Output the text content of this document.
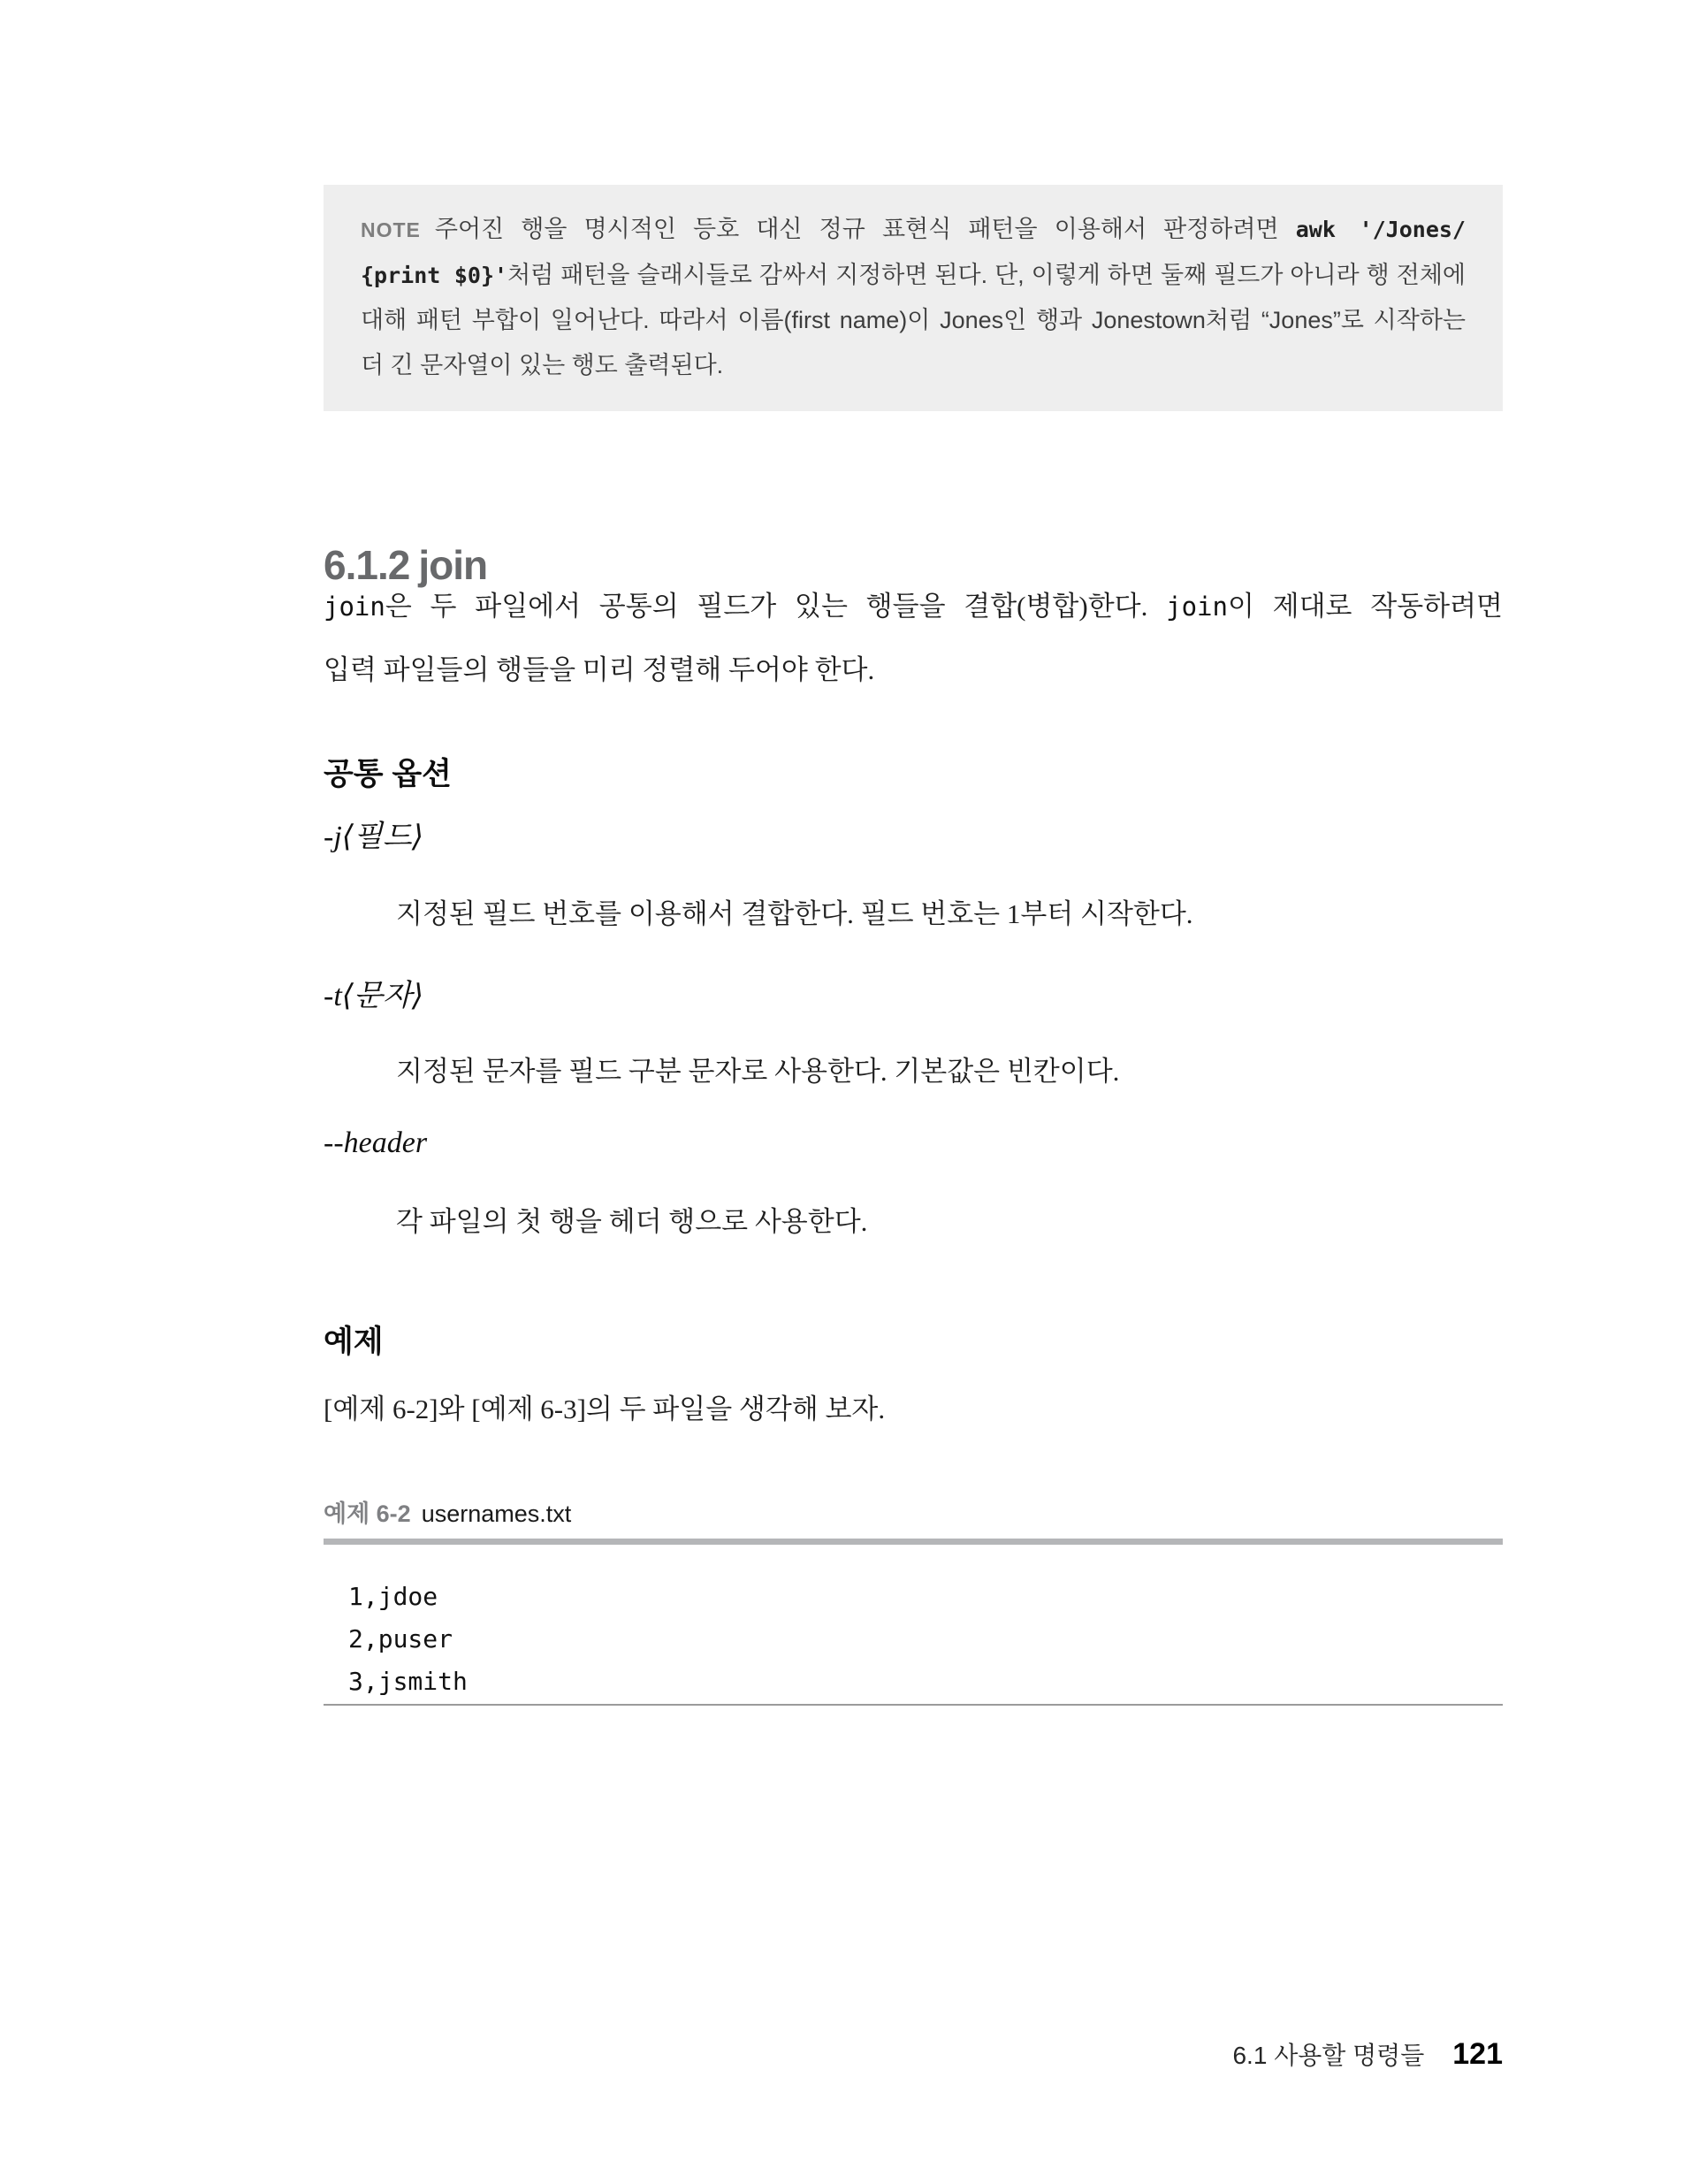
NOTE 주어진 행을 명시적인 등호 대신 정규 표현식 패턴을 이용해서 판정하려면 awk '/Jones/
{print $0}'처럼 패턴을 슬래시들로 감싸서 지정하면 된다. 단, 이렇게 하면 둘째 필드가 아니라 행 전체에
대해 패턴 부합이 일어난다. 따라서 이름(first name)이 Jones인 행과 Jonestown처럼 “Jones”로 시작하는
더 긴 문자열이 있는 행도 출력된다.
6.1.2 join

join은 두 파일에서 공통의 필드가 있는 행들을 결합(병합)한다. join이 제대로 작동하려면

입력 파일들의 행들을 미리 정렬해 두어야 한다.

공통 옵션
-j⟨필드⟩
지정된 필드 번호를 이용해서 결합한다. 필드 번호는 1부터 시작한다.
-t⟨문자⟩
지정된 문자를 필드 구분 문자로 사용한다. 기본값은 빈칸이다.
--header
각 파일의 첫 행을 헤더 행으로 사용한다.
예제

[예제 6-2]와 [예제 6-3]의 두 파일을 생각해 보자.

예제 6-2 usernames.txt
1,jdoe
2,puser
3,jsmith
6.1 사용할 명령들 121
